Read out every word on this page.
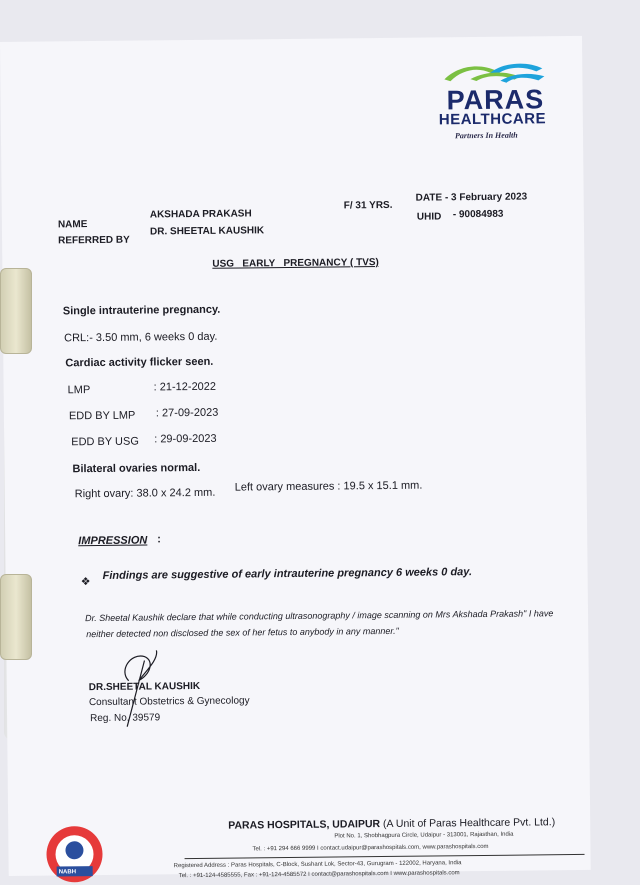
PARAS
HEALTHCARE
Partners In Health
NAME
AKSHADA PRAKASH
REFERRED BY
DR. SHEETAL KAUSHIK
F/ 31 YRS.
DATE - 3 February 2023
UHID - 90084983
USG   EARLY   PREGNANCY ( TVS)
Single intrauterine pregnancy.
CRL:- 3.50 mm, 6 weeks 0 day.
Cardiac activity flicker seen.
LMP	: 21-12-2022
EDD BY LMP : 27-09-2023
EDD BY USG : 29-09-2023
Bilateral ovaries normal.
Right ovary: 38.0 x 24.2 mm. Left ovary measures : 19.5 x 15.1 mm.
IMPRESSION :
❖
Findings are suggestive of early intrauterine pregnancy 6 weeks 0 day.
Dr. Sheetal Kaushik declare that while conducting ultrasonography / image scanning on Mrs Akshada Prakash" I have
neither detected non disclosed the sex of her fetus to anybody in any manner."
DR.SHEETAL KAUSHIK
Consultant Obstetrics & Gynecology
Reg. No. 39579
NABH
PARAS HOSPITALS, UDAIPUR (A Unit of Paras Healthcare Pvt. Ltd.)
Plot No. 1, Shobhagpura Circle, Udaipur - 313001, Rajasthan, India
Tel. : +91 294 666 9999 I contact.udaipur@parashospitals.com, www.parashospitals.com
Registered Address : Paras Hospitals, C-Block, Sushant Lok, Sector-43, Gurugram - 122002, Haryana, India
Tel. : +91-124-4585555, Fax : +91-124-4585572 I contact@parashospitals.com I www.parashospitals.com
